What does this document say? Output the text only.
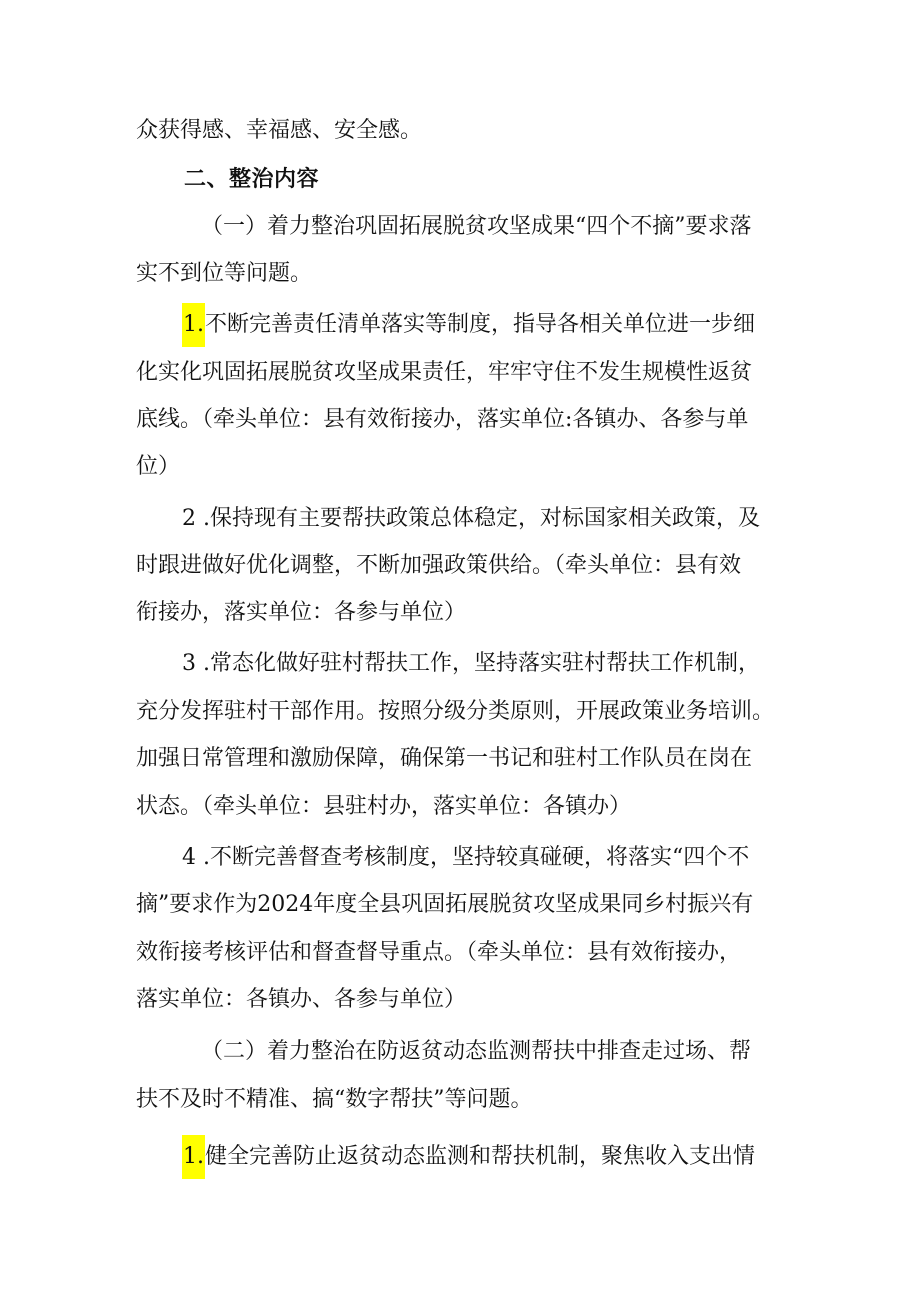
众获得感、幸福感、安全感。
二、整治内容
（一）着力整治巩固拓展脱贫攻坚成果“四个不摘”要求落
实不到位等问题。
1.不断完善责任清单落实等制度，指导各相关单位进一步细
化实化巩固拓展脱贫攻坚成果责任，牢牢守住不发生规模性返贫
底线。（牵头单位：县有效衔接办，落实单位:各镇办、各参与单
位）
2 .保持现有主要帮扶政策总体稳定，对标国家相关政策，及
时跟进做好优化调整，不断加强政策供给。（牵头单位：县有效
衔接办，落实单位：各参与单位）
3 .常态化做好驻村帮扶工作，坚持落实驻村帮扶工作机制，
充分发挥驻村干部作用。按照分级分类原则，开展政策业务培训。
加强日常管理和激励保障，确保第一书记和驻村工作队员在岗在
状态。（牵头单位：县驻村办，落实单位：各镇办）
4 .不断完善督查考核制度，坚持较真碰硬，将落实“四个不
摘”要求作为2024年度全县巩固拓展脱贫攻坚成果同乡村振兴有
效衔接考核评估和督查督导重点。（牵头单位：县有效衔接办，
落实单位：各镇办、各参与单位）
（二）着力整治在防返贫动态监测帮扶中排查走过场、帮
扶不及时不精准、搞“数字帮扶”等问题。
1.健全完善防止返贫动态监测和帮扶机制，聚焦收入支出情
